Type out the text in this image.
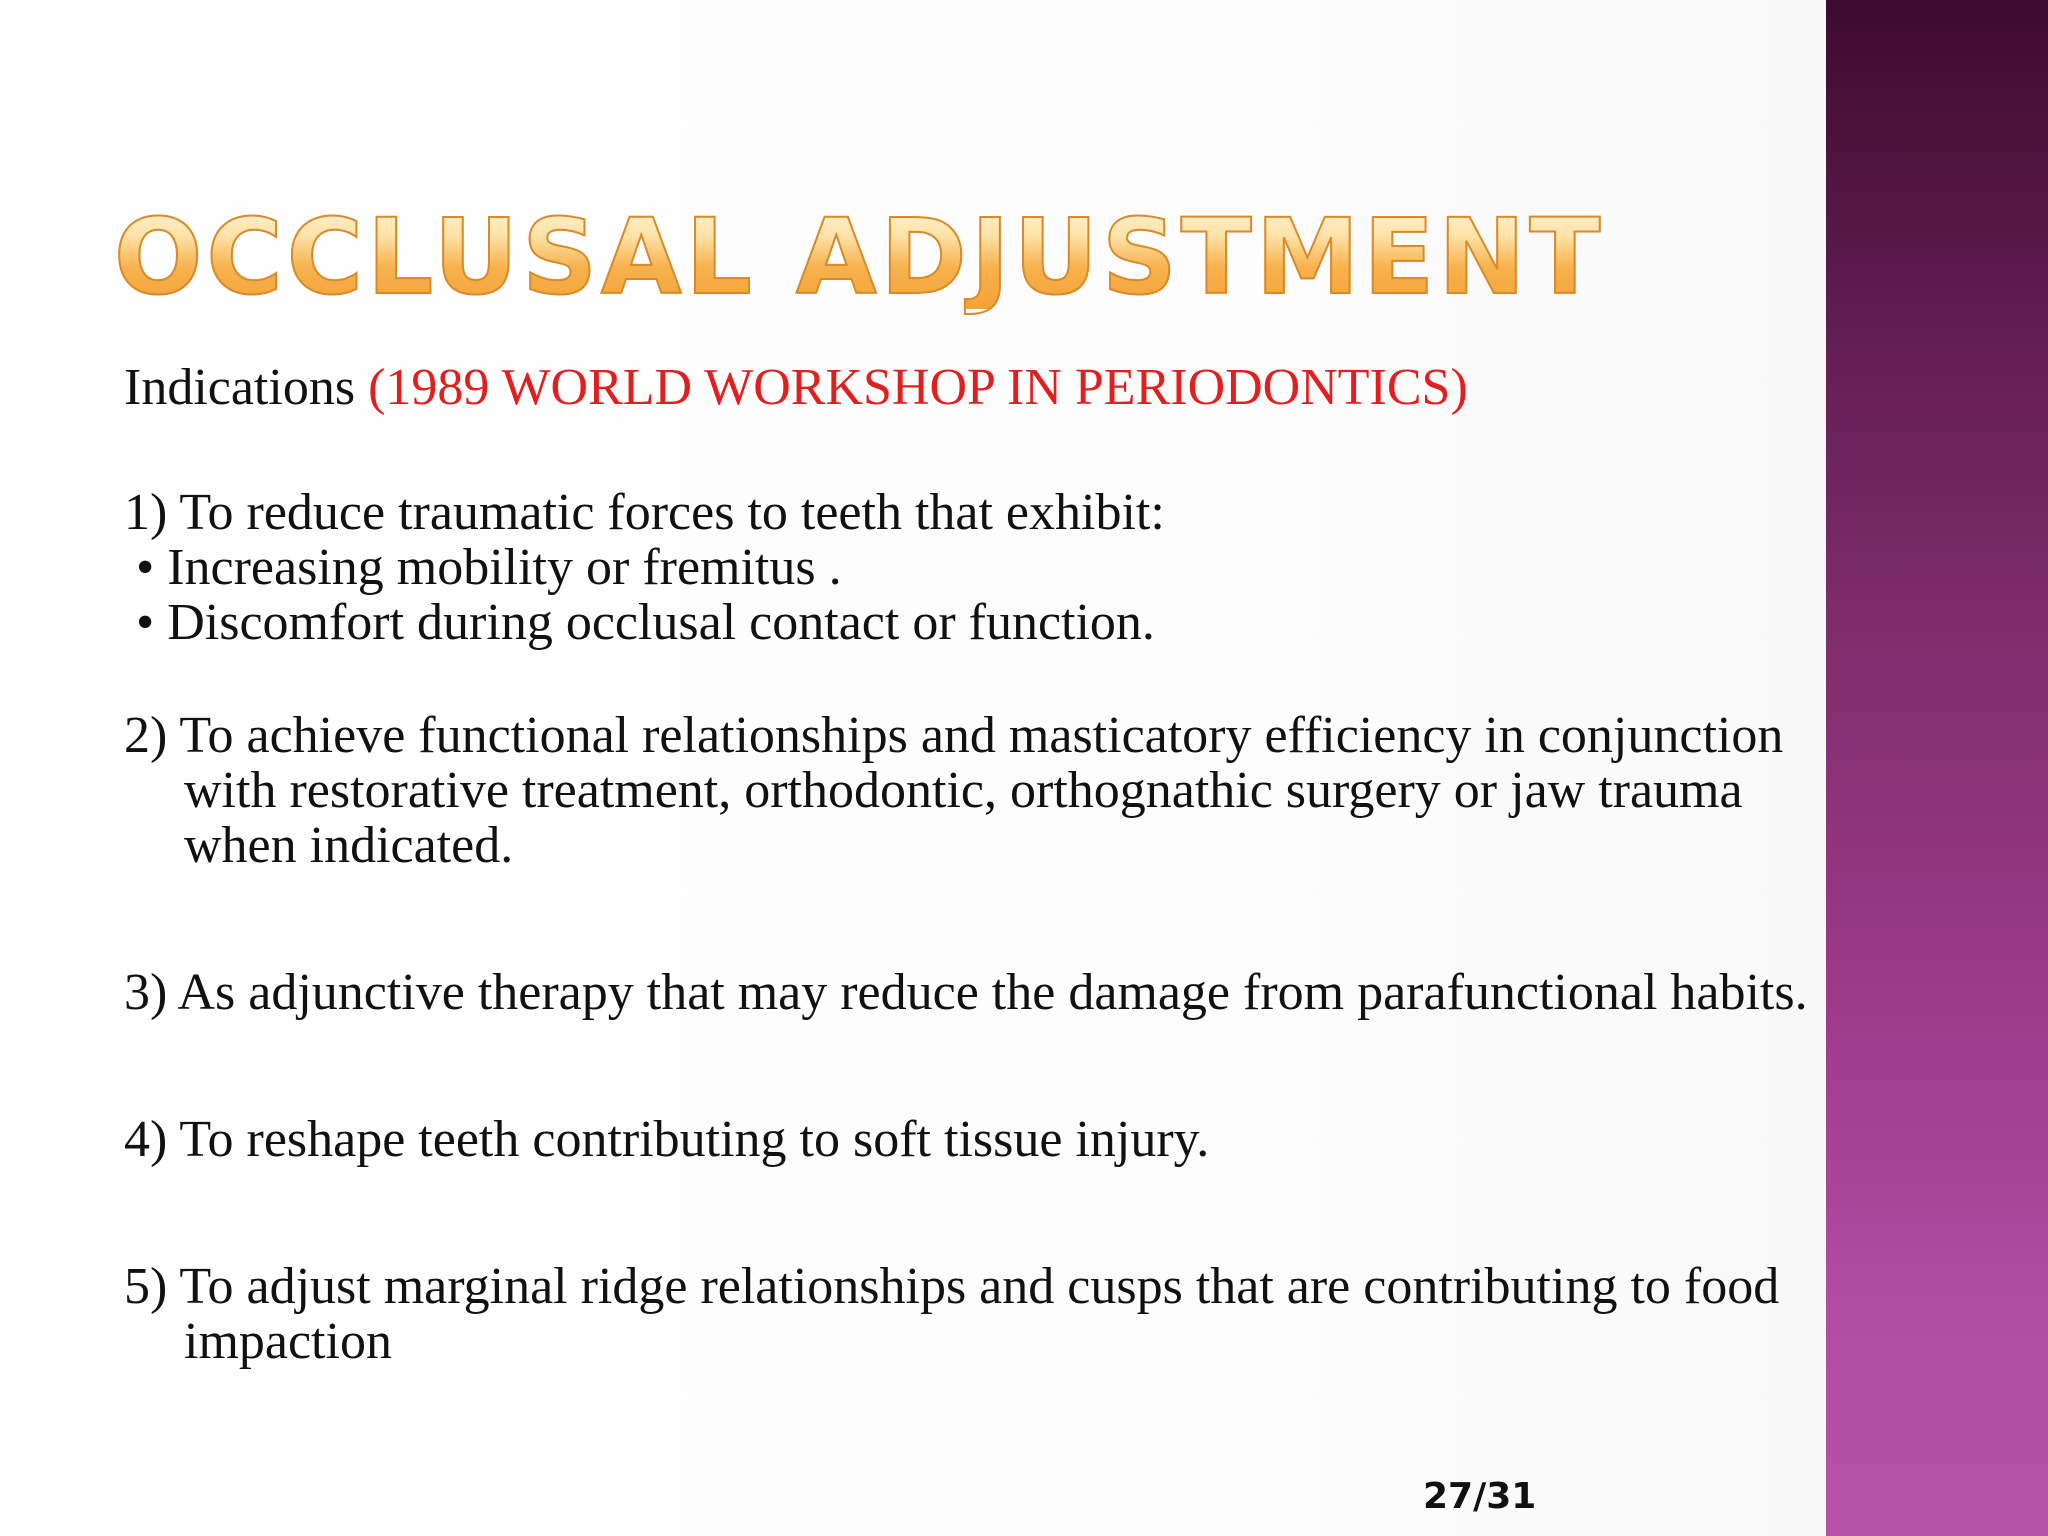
OCCLUSAL ADJUSTMENT

Indications (1989 WORLD WORKSHOP IN PERIODONTICS)

1) To reduce traumatic forces to teeth that exhibit:

• Increasing mobility or fremitus .

• Discomfort during occlusal contact or function.

2) To achieve functional relationships and masticatory efficiency in conjunction with restorative treatment, orthodontic, orthognathic surgery or jaw trauma when indicated.

3) As adjunctive therapy that may reduce the damage from parafunctional habits.

4) To reshape teeth contributing to soft tissue injury.

5) To adjust marginal ridge relationships and cusps that are contributing to food impaction

27/31
